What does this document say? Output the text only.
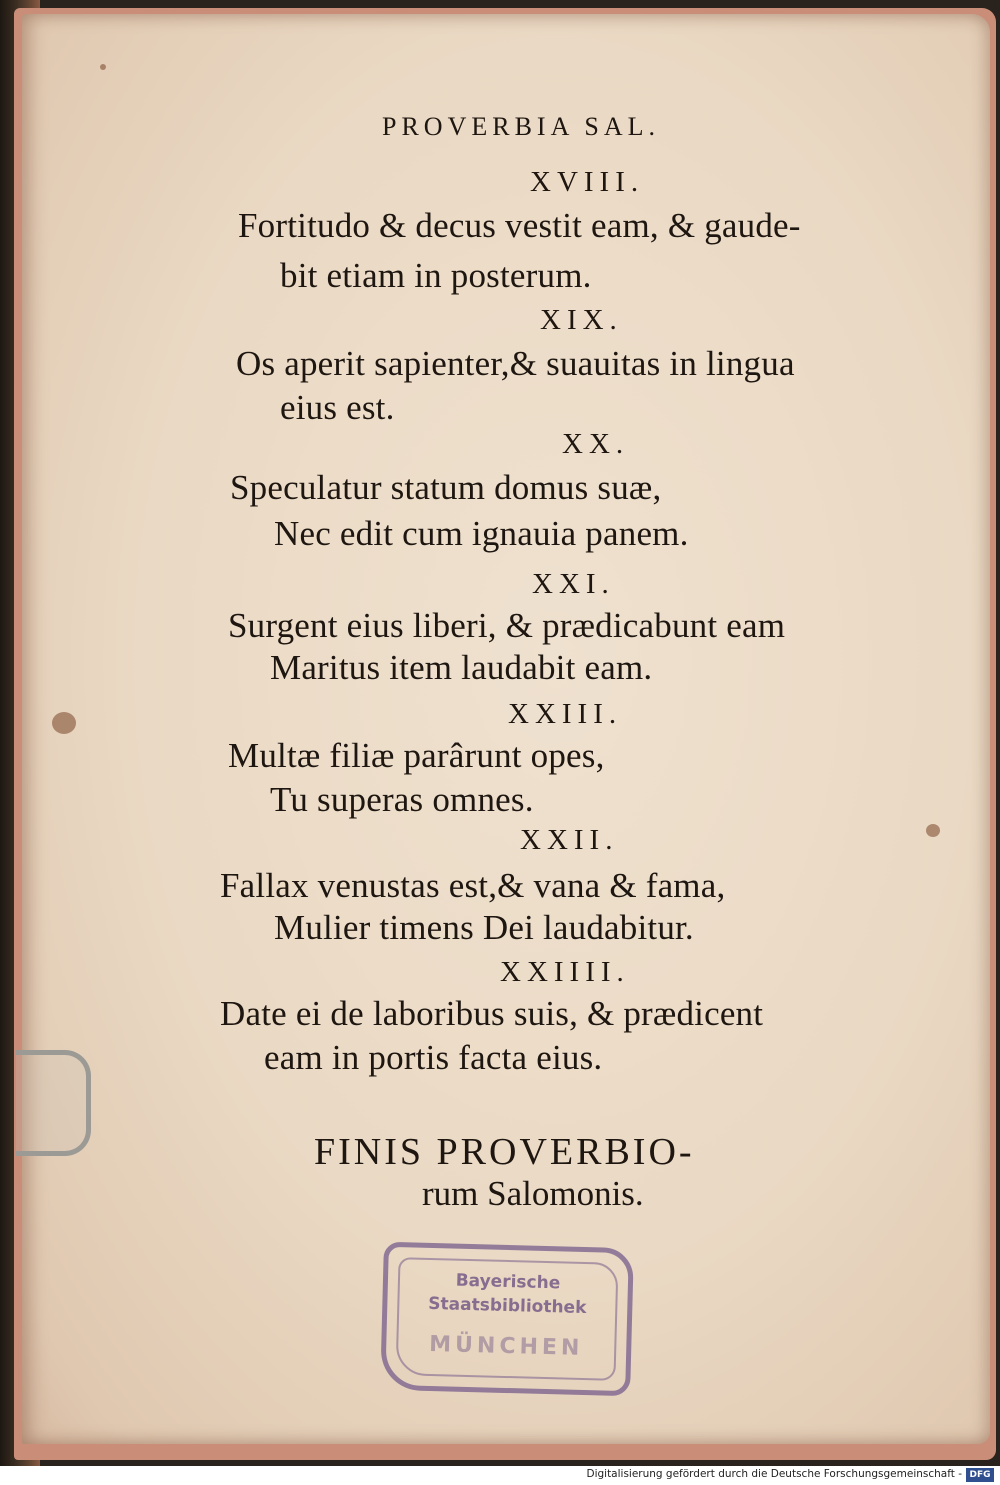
PROVERBIA SAL.
XVIII.
Fortitudo & decus vestit eam, & gaude-
bit etiam in posterum.
XIX.
Os aperit sapienter,& suauitas in lingua
eius est.
XX.
Speculatur statum domus suæ,
Nec edit cum ignauia panem.
XXI.
Surgent eius liberi, & prædicabunt eam
Maritus item laudabit eam.
XXIII.
Multæ filiæ parârunt opes,
Tu superas omnes.
XXII.
Fallax venustas est,& vana & fama,
Mulier timens Dei laudabitur.
XXIIII.
Date ei de laboribus suis, & prædicent
eam in portis facta eius.
FINIS PROVERBIO-
rum Salomonis.
Bayerische
Staatsbibliothek
MÜNCHEN
Digitalisierung gefördert durch die Deutsche Forschungsgemeinschaft - DFG
